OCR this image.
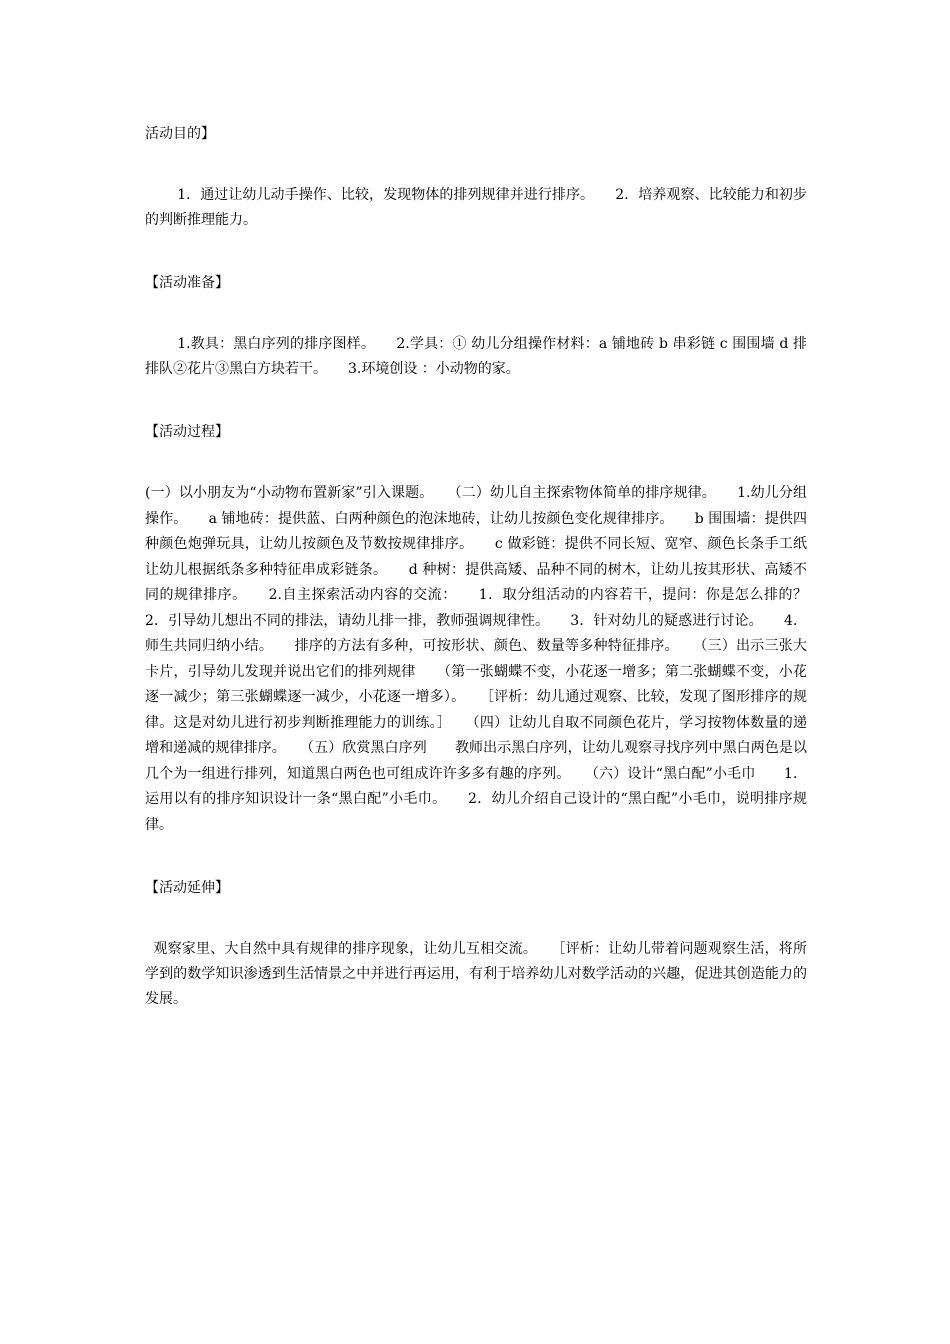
活动目的】

1．通过让幼儿动手操作、比较，发现物体的排列规律并进行排序。　　2．培养观察、比较能力和初步的判断推理能力。

【活动准备】

1.教具：黑白序列的排序图样。　　2.学具：① 幼儿分组操作材料：a 铺地砖 b 串彩链 c 围围墙 d 排排队②花片③黑白方块若干。　　3.环境创设 ：小动物的家。

【活动过程】

(一）以小朋友为“小动物布置新家”引入课题。　　（二）幼儿自主探索物体简单的排序规律。　　1.幼儿分组操作。　　a 铺地砖：提供蓝、白两种颜色的泡沫地砖，让幼儿按颜色变化规律排序。　　b 围围墙：提供四种颜色炮弹玩具，让幼儿按颜色及节数按规律排序。　　c 做彩链：提供不同长短、宽窄、颜色长条手工纸让幼儿根据纸条多种特征串成彩链条。　　d 种树：提供高矮、品种不同的树木，让幼儿按其形状、高矮不同的规律排序。　　2.自主探索活动内容的交流：　　1．取分组活动的内容若干，提问：你是怎么排的？　2．引导幼儿想出不同的排法，请幼儿排一排，教师强调规律性。　　3．针对幼儿的疑惑进行讨论。　　4．师生共同归纳小结。　　排序的方法有多种，可按形状、颜色、数量等多种特征排序。　　（三）出示三张大卡片，引导幼儿发现并说出它们的排列规律　　（第一张蝴蝶不变，小花逐一增多；第二张蝴蝶不变，小花逐一减少；第三张蝴蝶逐一减少，小花逐一增多）。　　［评析：幼儿通过观察、比较，发现了图形排序的规律。这是对幼儿进行初步判断推理能力的训练。］　　（四）让幼儿自取不同颜色花片，学习按物体数量的递增和递减的规律排序。　　（五）欣赏黑白序列　　教师出示黑白序列，让幼儿观察寻找序列中黑白两色是以几个为一组进行排列，知道黑白两色也可组成许许多多有趣的序列。　　（六）设计“黑白配”小毛巾　　1．运用以有的排序知识设计一条“黑白配”小毛巾。　　2．幼儿介绍自己设计的“黑白配”小毛巾，说明排序规律。

【活动延伸】

观察家里、大自然中具有规律的排序现象，让幼儿互相交流。　　［评析：让幼儿带着问题观察生活，将所学到的数学知识渗透到生活情景之中并进行再运用，有利于培养幼儿对数学活动的兴趣，促进其创造能力的发展。
